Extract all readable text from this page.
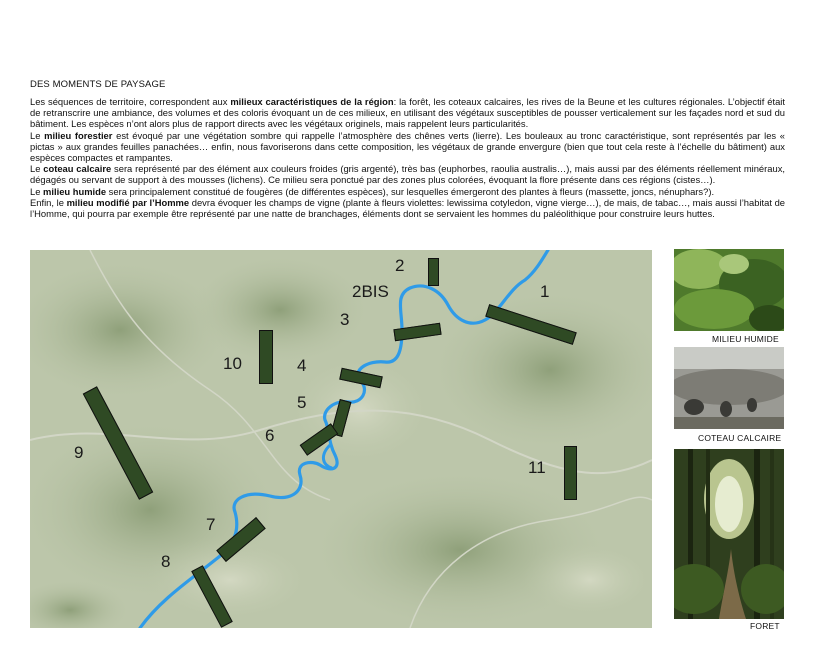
DES MOMENTS DE PAYSAGE

Les séquences de territoire, correspondent aux milieux caractéristiques de la région: la forêt, les coteaux calcaires, les rives de la Beune et les cultures régionales. L’objectif était de retranscrire une ambiance, des volumes et des coloris évoquant un de ces milieux, en utilisant des végétaux susceptibles de pousser verticalement sur les façades nord et sud du bâtiment. Les espèces n’ont alors plus de rapport directs avec les végétaux originels, mais rappelent leurs particularités.

Le milieu forestier est évoqué par une végétation sombre qui rappelle l’atmosphère des chênes verts (lierre). Les bouleaux au tronc caractéristique, sont représentés par les « pictas » aux grandes feuilles panachées… enfin, nous favoriserons dans cette composition, les végétaux de grande envergure (bien que tout cela reste à l’échelle du bâtiment) aux espèces compactes et rampantes.

Le coteau calcaire sera représenté par des élément aux couleurs froides (gris argenté), très bas (euphorbes, raoulia australis…), mais aussi par des éléments réellement minéraux, dégagés ou servant de support à des mousses (lichens). Ce milieu sera ponctué par des zones plus colorées, évoquant la flore présente dans ces régions (cistes…).

Le milieu humide sera principalement constitué de fougères (de différentes espèces), sur lesquelles émergeront des plantes à fleurs (massette, joncs, nénuphars?).

Enfin, le milieu modifié par l’Homme devra évoquer les champs de vigne (plante à fleurs violettes: lewissima cotyledon, vigne vierge…), de mais, de tabac…, mais aussi l’habitat de l’Homme, qui pourra par exemple être représenté par une natte de branchages, éléments dont se servaient les hommes du paléolithique pour construire leurs huttes.

1
2
2BIS
3
4
5
6
7
8
9
10
11
MILIEU HUMIDE
COTEAU CALCAIRE
FORET
